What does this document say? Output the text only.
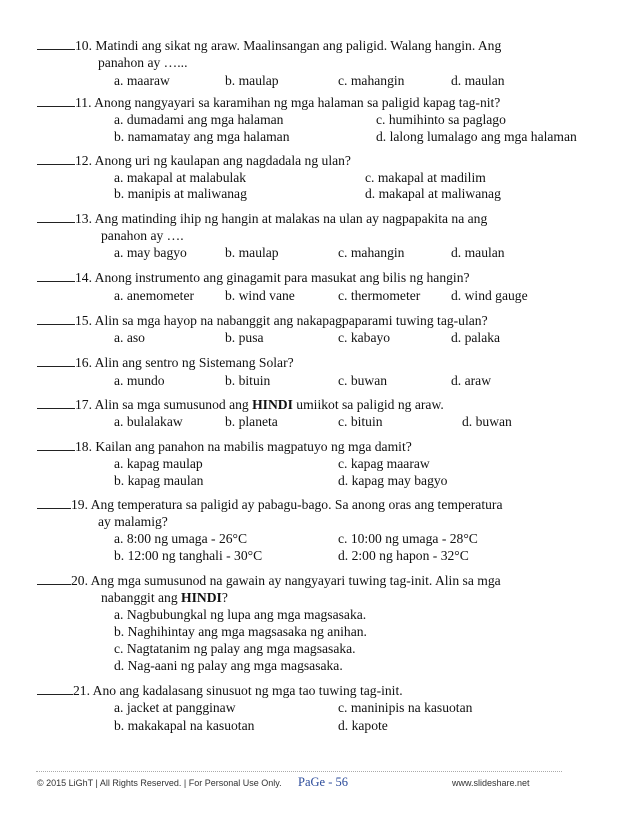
10. Matindi ang sikat ng araw. Maalinsangan ang paligid. Walang hangin. Ang
panahon ay …...
a. maaraw	b. maulap	c. mahangin	d. maulan
11. Anong nangyayari sa karamihan ng mga halaman sa paligid kapag tag-nit?
a. dumadami ang mga halaman	c. humihinto sa paglago
b. namamatay ang mga halaman	d. lalong lumalago ang mga halaman
12. Anong uri ng kaulapan ang nagdadala ng ulan?
a. makapal at malabulak	c. makapal at madilim
b. manipis at maliwanag	d. makapal at maliwanag
13. Ang matinding ihip ng hangin at malakas na ulan ay nagpapakita na ang
panahon ay ….
a. may bagyo	b. maulap	c. mahangin	d. maulan
14. Anong instrumento ang ginagamit para masukat ang bilis ng hangin?
a. anemometer b. wind vane	c. thermometer d. wind gauge
15. Alin sa mga hayop na nabanggit ang nakapagpaparami tuwing tag-ulan?
a. aso	b. pusa	c. kabayo	d. palaka
16. Alin ang sentro ng Sistemang Solar?
a. mundo	b. bituin	c. buwan	d. araw
17. Alin sa mga sumusunod ang HINDI umiikot sa paligid ng araw.
a. bulalakaw	b. planeta	c. bituin	d. buwan
18. Kailan ang panahon na mabilis magpatuyo ng mga damit?
a. kapag maulap	c. kapag maaraw
b. kapag maulan	d. kapag may bagyo
19. Ang temperatura sa paligid ay pabagu-bago. Sa anong oras ang temperatura
ay malamig?
a. 8:00 ng umaga - 26°C	c. 10:00 ng umaga - 28°C
b. 12:00 ng tanghali - 30°C	d. 2:00 ng hapon - 32°C
20. Ang mga sumusunod na gawain ay nangyayari tuwing tag-init. Alin sa mga
nabanggit ang HINDI?
a. Nagbubungkal ng lupa ang mga magsasaka.
b. Naghihintay ang mga magsasaka ng anihan.
c. Nagtatanim ng palay ang mga magsasaka.
d. Nag-aani ng palay ang mga magsasaka.
21. Ano ang kadalasang sinusuot ng mga tao tuwing tag-init.
a. jacket at pangginaw	c. maninipis na kasuotan
b. makakapal na kasuotan	d. kapote
© 2015 LiGhT | All Rights Reserved. | For Personal Use Only. PaGe - 56	www.slideshare.net
